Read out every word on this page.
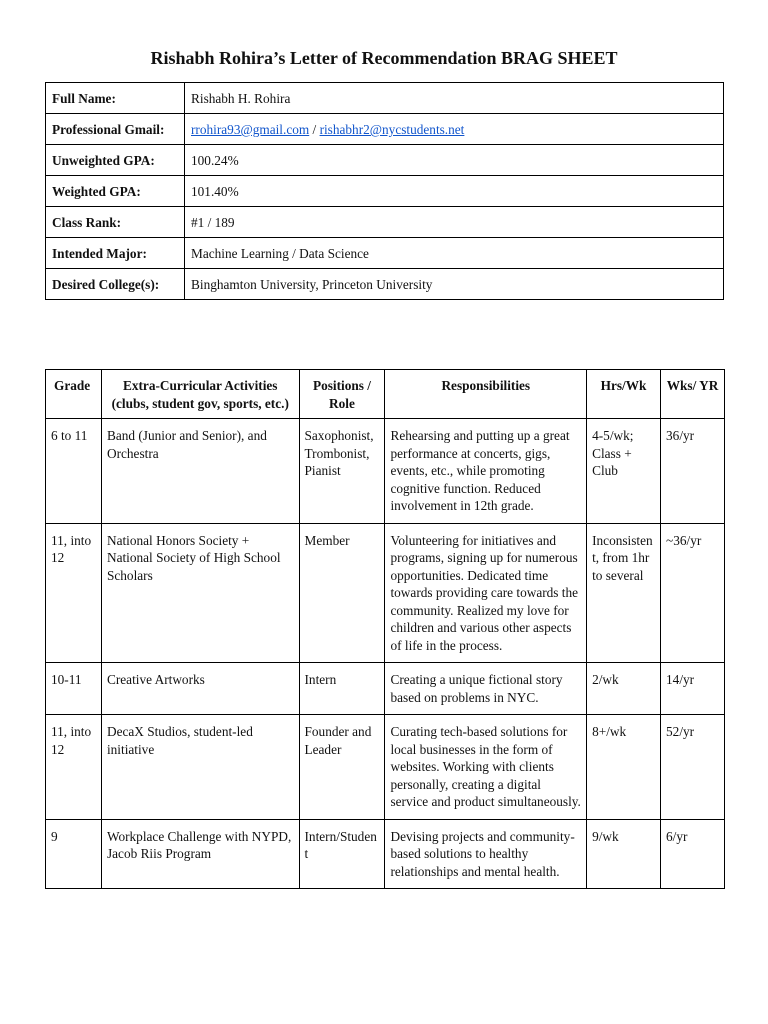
Rishabh Rohira’s Letter of Recommendation BRAG SHEET
Full Name:	Rishabh H. Rohira
Professional Gmail:	rrohira93@gmail.com / rishabhr2@nycstudents.net
Unweighted GPA:	100.24%
Weighted GPA:	101.40%
Class Rank:	#1 / 189
Intended Major:	Machine Learning / Data Science
Desired College(s):	Binghamton University, Princeton University
Grade	Extra-Curricular Activities (clubs, student gov, sports, etc.)	Positions / Role	Responsibilities	Hrs/Wk	Wks/ YR
6 to 11	Band (Junior and Senior), and Orchestra	Saxophonist, Trombonist, Pianist	Rehearsing and putting up a great performance at concerts, gigs, events, etc., while promoting cognitive function. Reduced involvement in 12th grade.	4-5/wk; Class + Club	36/yr
11, into 12	National Honors Society + National Society of High School Scholars	Member	Volunteering for initiatives and programs, signing up for numerous opportunities. Dedicated time towards providing care towards the community. Realized my love for children and various other aspects of life in the process.	Inconsistent, from 1hr to several	~36/yr
10-11	Creative Artworks	Intern	Creating a unique fictional story based on problems in NYC.	2/wk	14/yr
11, into 12	DecaX Studios, student-led initiative	Founder and Leader	Curating tech-based solutions for local businesses in the form of websites. Working with clients personally, creating a digital service and product simultaneously.	8+/wk	52/yr
9	Workplace Challenge with NYPD, Jacob Riis Program	Intern/Student	Devising projects and community-based solutions to healthy relationships and mental health.	9/wk	6/yr
